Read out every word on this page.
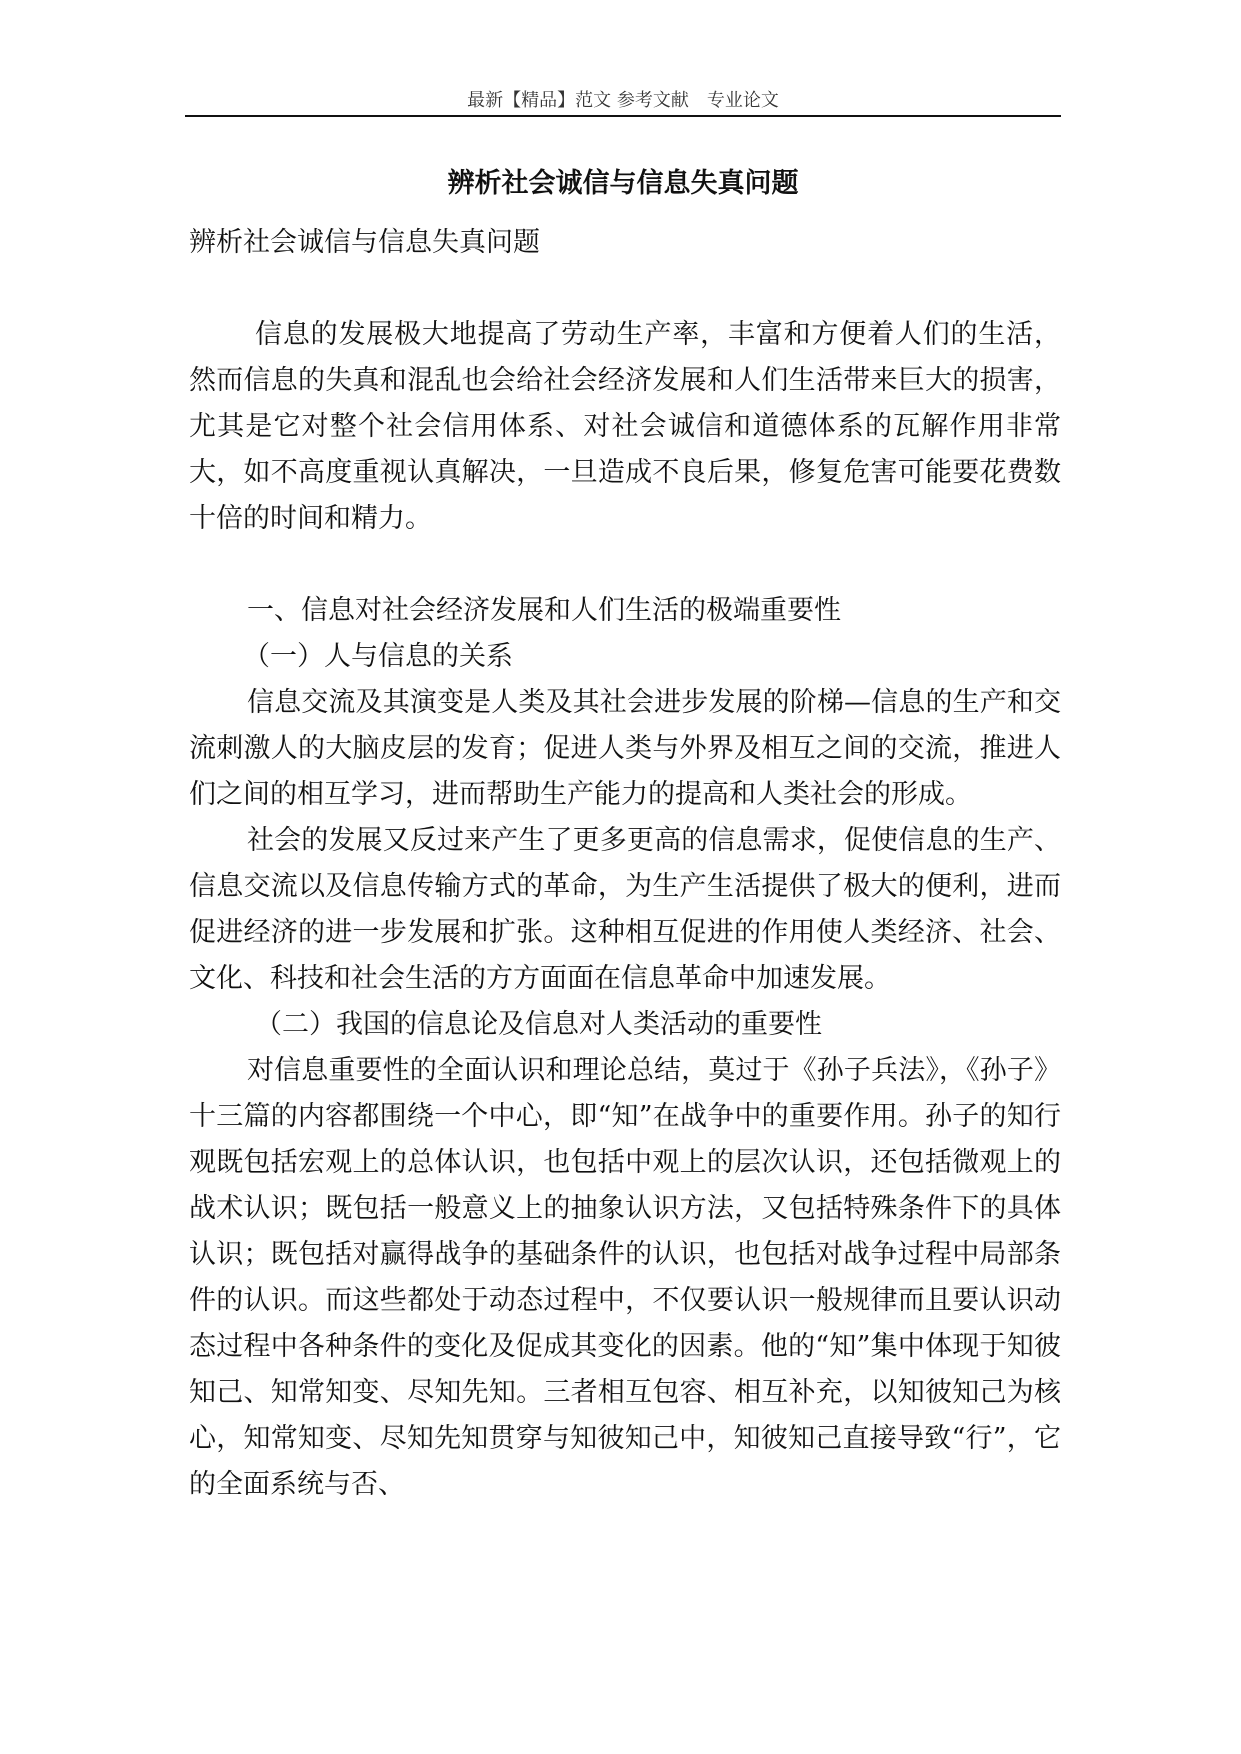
最新【精品】范文 参考文献　专业论文
辨析社会诚信与信息失真问题

辨析社会诚信与信息失真问题

信息的发展极大地提高了劳动生产率，丰富和方便着人们的生活，然而信息的失真和混乱也会给社会经济发展和人们生活带来巨大的损害，尤其是它对整个社会信用体系、对社会诚信和道德体系的瓦解作用非常大，如不高度重视认真解决，一旦造成不良后果，修复危害可能要花费数十倍的时间和精力。

一、信息对社会经济发展和人们生活的极端重要性

（一）人与信息的关系

信息交流及其演变是人类及其社会进步发展的阶梯—信息的生产和交流刺激人的大脑皮层的发育；促进人类与外界及相互之间的交流，推进人们之间的相互学习，进而帮助生产能力的提高和人类社会的形成。

社会的发展又反过来产生了更多更高的信息需求，促使信息的生产、信息交流以及信息传输方式的革命，为生产生活提供了极大的便利，进而促进经济的进一步发展和扩张。这种相互促进的作用使人类经济、社会、文化、科技和社会生活的方方面面在信息革命中加速发展。

（二）我国的信息论及信息对人类活动的重要性

对信息重要性的全面认识和理论总结，莫过于《孙子兵法》，《孙子》十三篇的内容都围绕一个中心，即“知”在战争中的重要作用。孙子的知行观既包括宏观上的总体认识，也包括中观上的层次认识，还包括微观上的战术认识；既包括一般意义上的抽象认识方法，又包括特殊条件下的具体认识；既包括对赢得战争的基础条件的认识，也包括对战争过程中局部条件的认识。而这些都处于动态过程中，不仅要认识一般规律而且要认识动态过程中各种条件的变化及促成其变化的因素。他的“知”集中体现于知彼知己、知常知变、尽知先知。三者相互包容、相互补充，以知彼知己为核心，知常知变、尽知先知贯穿与知彼知己中，知彼知己直接导致“行”，它的全面系统与否、
